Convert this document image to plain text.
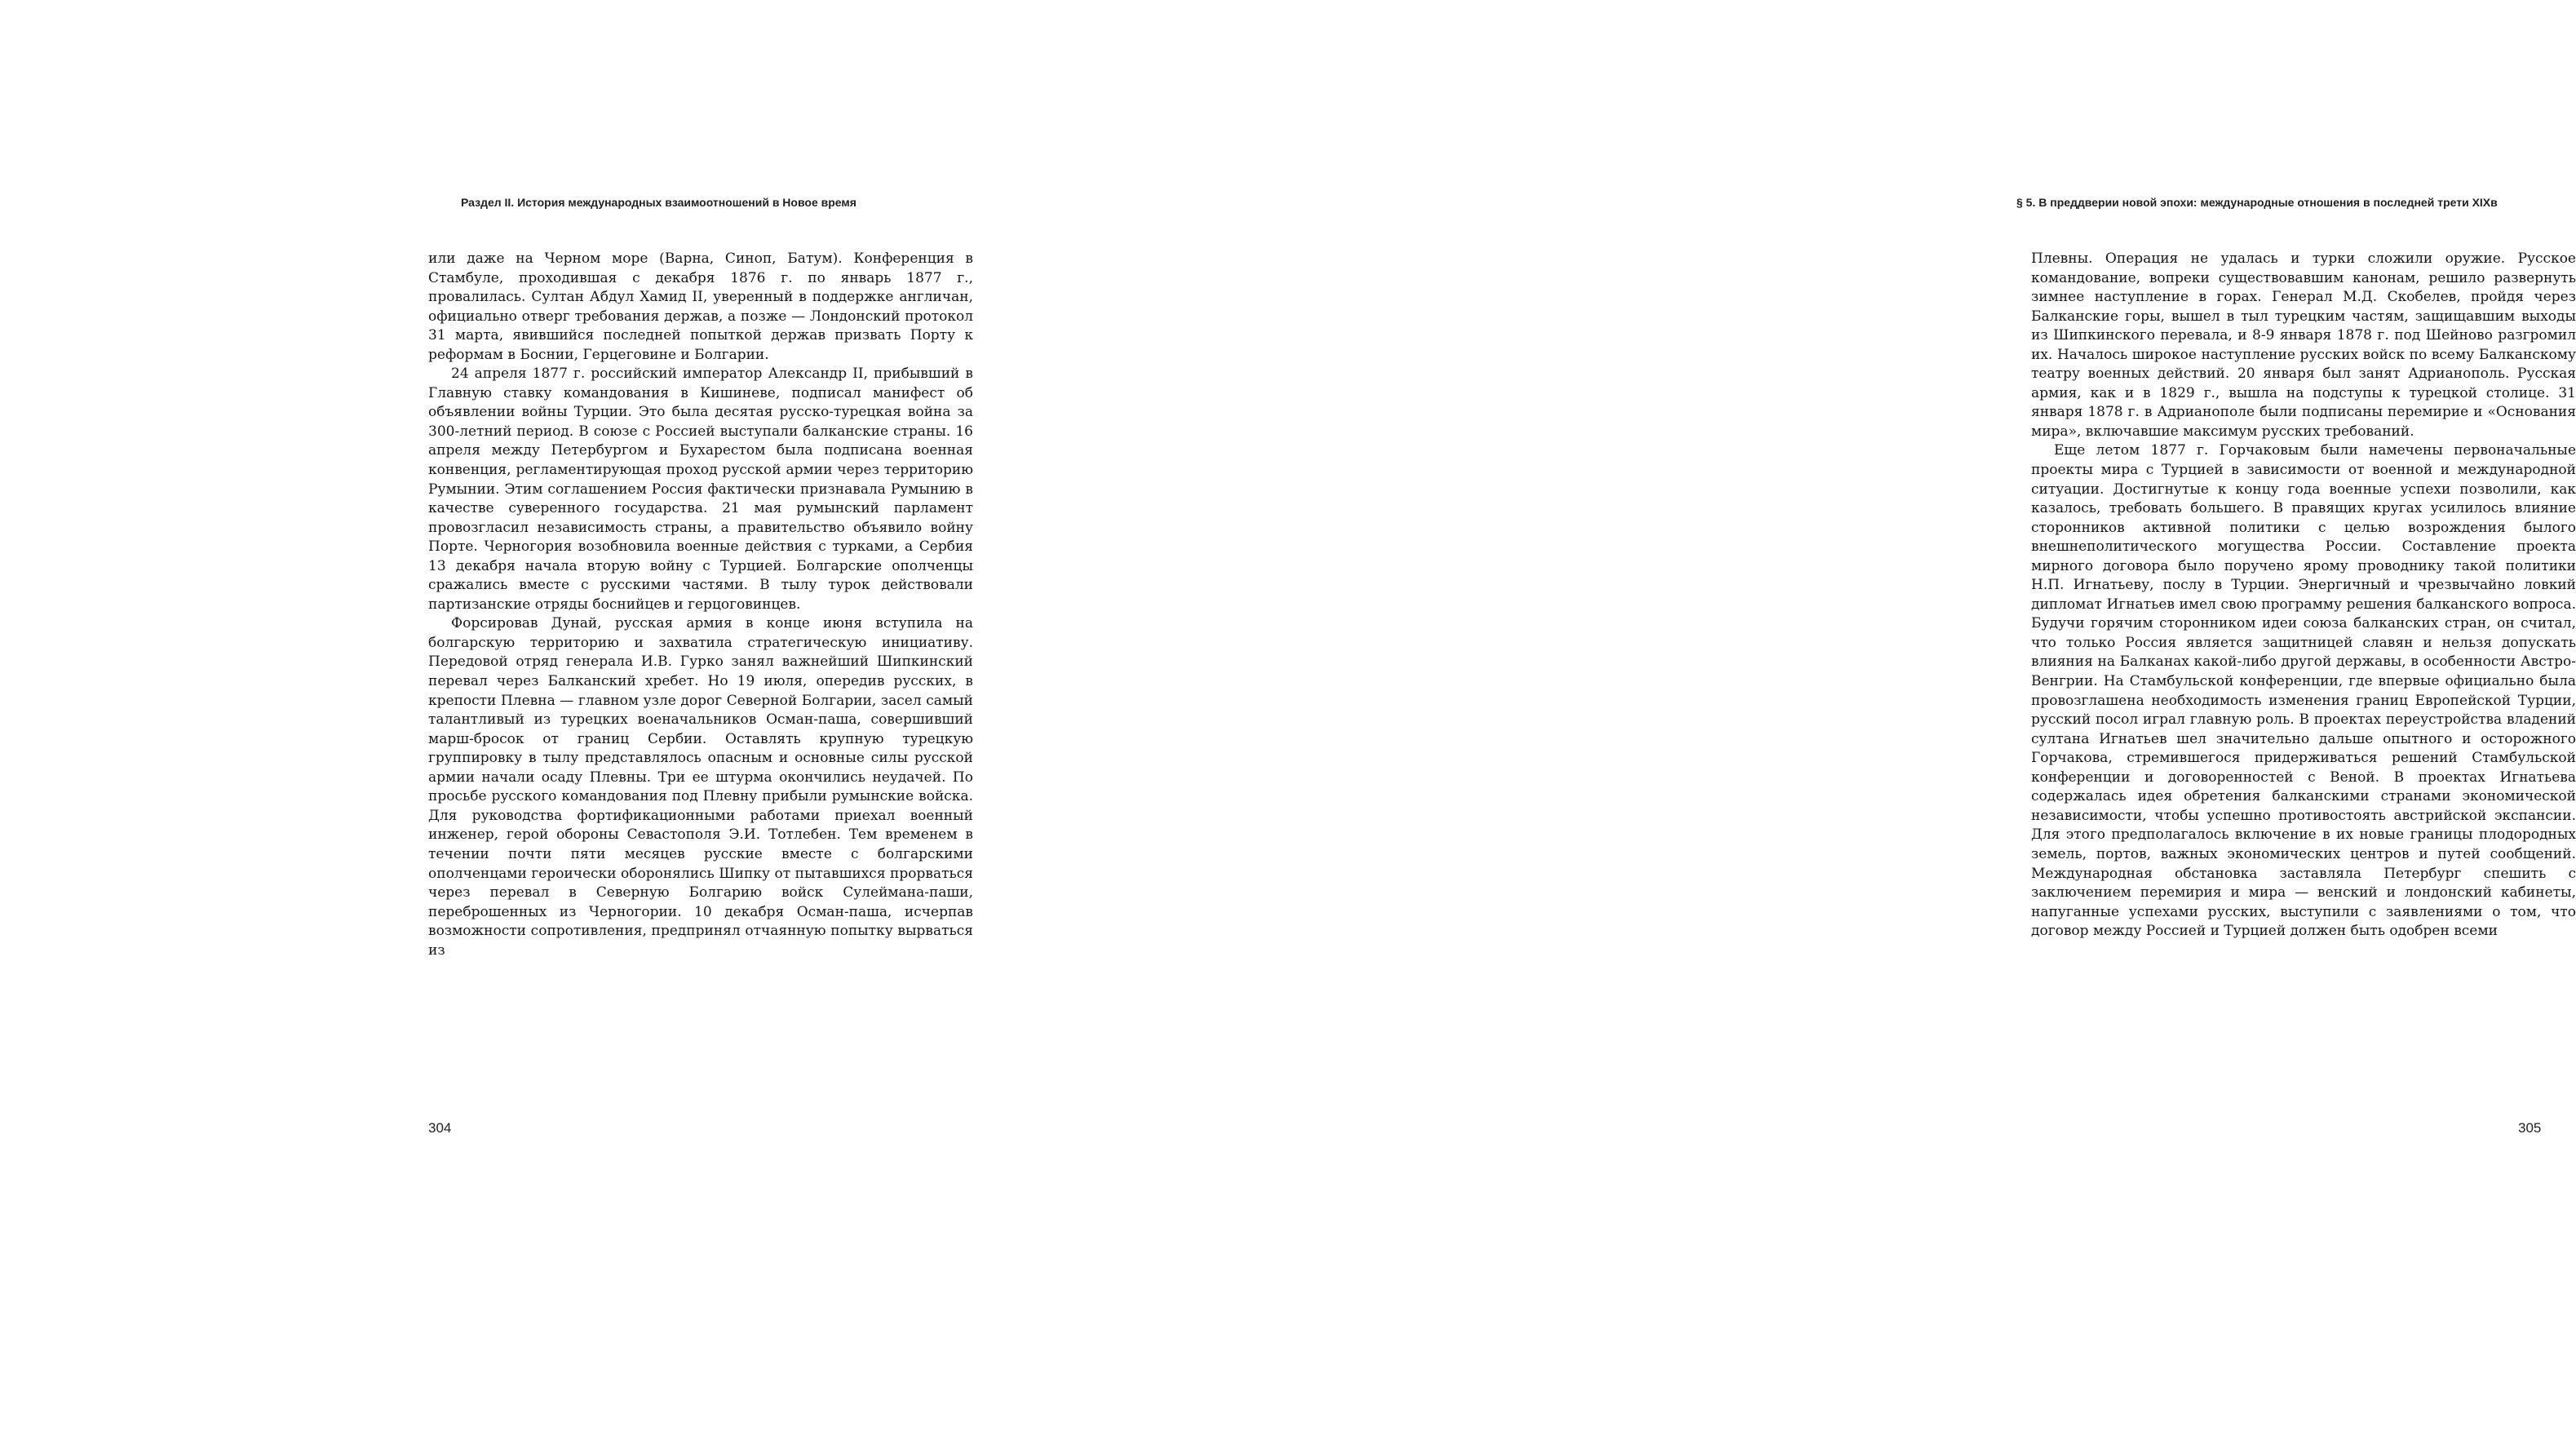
Раздел II. История международных взаимоотношений в Новое время

или даже на Черном море (Варна, Синоп, Батум). Конференция в Стамбуле, проходившая с декабря 1876 г. по январь 1877 г., провалилась. Султан Абдул Хамид II, уверенный в поддержке англичан, официально отверг требования держав, а позже — Лондонский протокол 31 марта, явившийся последней попыткой держав призвать Порту к реформам в Боснии, Герцеговине и Болгарии.

24 апреля 1877 г. российский император Александр II, прибывший в Главную ставку командования в Кишиневе, подписал манифест об объявлении войны Турции. Это была десятая русско-турецкая война за 300-летний период. В союзе с Россией выступали балканские страны. 16 апреля между Петербургом и Бухарестом была подписана военная конвенция, регламентирующая проход русской армии через территорию Румынии. Этим соглашением Россия фактически признавала Румынию в качестве суверенного государства. 21 мая румынский парламент провозгласил независимость страны, а правительство объявило войну Порте. Черногория возобновила военные действия с турками, а Сербия 13 декабря начала вторую войну с Турцией. Болгарские ополченцы сражались вместе с русскими частями. В тылу турок действовали партизанские отряды боснийцев и герцоговинцев.

Форсировав Дунай, русская армия в конце июня вступила на болгарскую территорию и захватила стратегическую инициативу. Передовой отряд генерала И.В. Гурко занял важнейший Шипкинский перевал через Балканский хребет. Но 19 июля, опередив русских, в крепости Плевна — главном узле дорог Северной Болгарии, засел самый талантливый из турецких военачальников Осман-паша, совершивший марш-бросок от границ Сербии. Оставлять крупную турецкую группировку в тылу представлялось опасным и основные силы русской армии начали осаду Плевны. Три ее штурма окончились неудачей. По просьбе русского командования под Плевну прибыли румынские войска. Для руководства фортификационными работами приехал военный инженер, герой обороны Севастополя Э.И. Тотлебен. Тем временем в течении почти пяти месяцев русские вместе с болгарскими ополченцами героически оборонялись Шипку от пытавшихся прорваться через перевал в Северную Болгарию войск Сулеймана-паши, переброшенных из Черногории. 10 декабря Осман-паша, исчерпав возможности сопротивления, предпринял отчаянную попытку вырваться из

304
§ 5. В преддверии новой эпохи: международные отношения в последней трети XIXв

Плевны. Операция не удалась и турки сложили оружие. Русское командование, вопреки существовавшим канонам, решило развернуть зимнее наступление в горах. Генерал М.Д. Скобелев, пройдя через Балканские горы, вышел в тыл турецким частям, защищавшим выходы из Шипкинского перевала, и 8-9 января 1878 г. под Шейново разгромил их. Началось широкое наступление русских войск по всему Балканскому театру военных действий. 20 января был занят Адрианополь. Русская армия, как и в 1829 г., вышла на подступы к турецкой столице. 31 января 1878 г. в Адрианополе были подписаны перемирие и «Основания мира», включавшие максимум русских требований.

Еще летом 1877 г. Горчаковым были намечены первоначальные проекты мира с Турцией в зависимости от военной и международной ситуации. Достигнутые к концу года военные успехи позволили, как казалось, требовать большего. В правящих кругах усилилось влияние сторонников активной политики с целью возрождения былого внешнеполитического могущества России. Составление проекта мирного договора было поручено ярому проводнику такой политики Н.П. Игнатьеву, послу в Турции. Энергичный и чрезвычайно ловкий дипломат Игнатьев имел свою программу решения балканского вопроса. Будучи горячим сторонником идеи союза балканских стран, он считал, что только Россия является защитницей славян и нельзя допускать влияния на Балканах какой-либо другой державы, в особенности Австро-Венгрии. На Стамбульской конференции, где впервые официально была провозглашена необходимость изменения границ Европейской Турции, русский посол играл главную роль. В проектах переустройства владений султана Игнатьев шел значительно дальше опытного и осторожного Горчакова, стремившегося придерживаться решений Стамбульской конференции и договоренностей с Веной. В проектах Игнатьева содержалась идея обретения балканскими странами экономической независимости, чтобы успешно противостоять австрийской экспансии. Для этого предполагалось включение в их новые границы плодородных земель, портов, важных экономических центров и путей сообщений. Международная обстановка заставляла Петербург спешить с заключением перемирия и мира — венский и лондонский кабинеты, напуганные успехами русских, выступили с заявлениями о том, что договор между Россией и Турцией должен быть одобрен всеми

305
